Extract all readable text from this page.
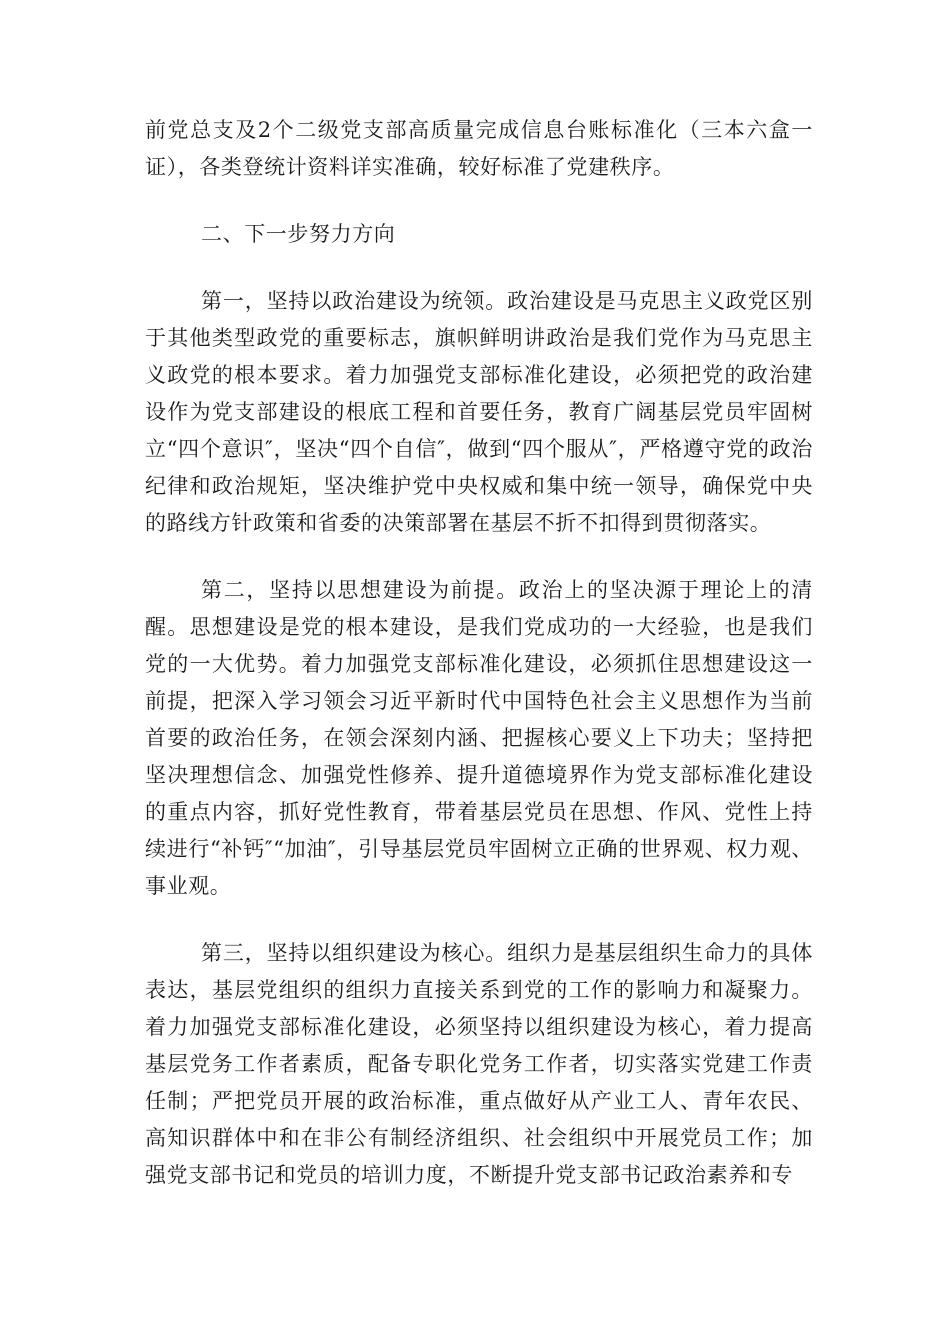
前党总支及2个二级党支部高质量完成信息台账标准化（三本六盒一证），各类登统计资料详实准确，较好标准了党建秩序。

二、下一步努力方向

第一，坚持以政治建设为统领。政治建设是马克思主义政党区别于其他类型政党的重要标志，旗帜鲜明讲政治是我们党作为马克思主义政党的根本要求。着力加强党支部标准化建设，必须把党的政治建设作为党支部建设的根底工程和首要任务，教育广阔基层党员牢固树立“四个意识″，坚决“四个自信″，做到“四个服从″，严格遵守党的政治纪律和政治规矩，坚决维护党中央权威和集中统一领导，确保党中央的路线方针政策和省委的决策部署在基层不折不扣得到贯彻落实。

第二，坚持以思想建设为前提。政治上的坚决源于理论上的清醒。思想建设是党的根本建设，是我们党成功的一大经验，也是我们党的一大优势。着力加强党支部标准化建设，必须抓住思想建设这一前提，把深入学习领会习近平新时代中国特色社会主义思想作为当前首要的政治任务，在领会深刻内涵、把握核心要义上下功夫；坚持把坚决理想信念、加强党性修养、提升道德境界作为党支部标准化建设的重点内容，抓好党性教育，带着基层党员在思想、作风、党性上持续进行“补钙″“加油″，引导基层党员牢固树立正确的世界观、权力观、事业观。

第三，坚持以组织建设为核心。组织力是基层组织生命力的具体表达，基层党组织的组织力直接关系到党的工作的影响力和凝聚力。着力加强党支部标准化建设，必须坚持以组织建设为核心，着力提高基层党务工作者素质，配备专职化党务工作者，切实落实党建工作责任制；严把党员开展的政治标准，重点做好从产业工人、青年农民、高知识群体中和在非公有制经济组织、社会组织中开展党员工作；加强党支部书记和党员的培训力度，不断提升党支部书记政治素养和专
